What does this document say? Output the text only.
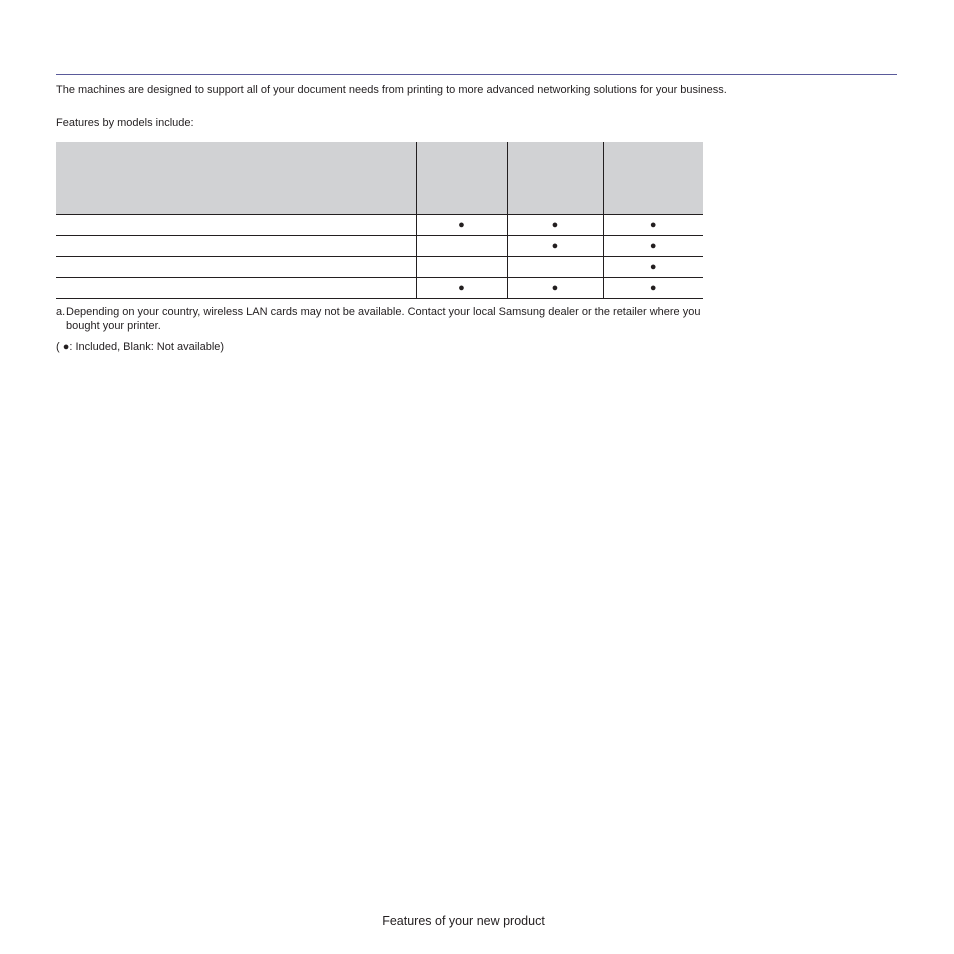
The machines are designed to support all of your document needs from printing to more advanced networking solutions for your business.

Features by models include:

	●	●	●
		●	●
			●
	●	●	●
a. Depending on your country, wireless LAN cards may not be available. Contact your local Samsung dealer or the retailer where you bought your printer.

( ●: Included, Blank: Not available)

Features of your new product
